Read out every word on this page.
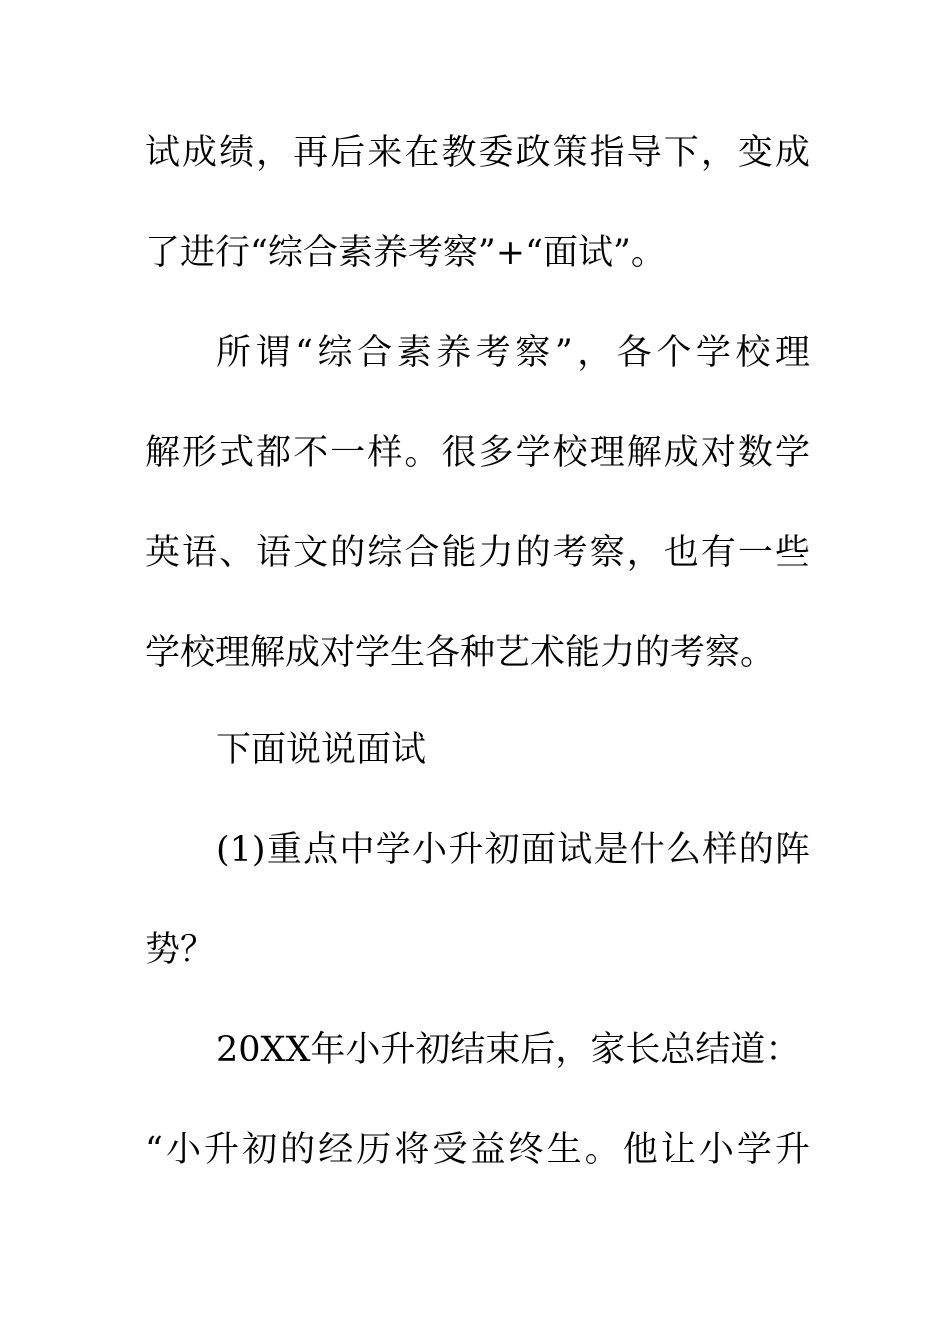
试成绩，再后来在教委政策指导下，变成
了进行“综合素养考察”+“面试”。
所谓“综合素养考察”，各个学校理
解形式都不一样。很多学校理解成对数学
英语、语文的综合能力的考察，也有一些
学校理解成对学生各种艺术能力的考察。
下面说说面试
(1)重点中学小升初面试是什么样的阵
势？
20XX年小升初结束后，家长总结道：
“小升初的经历将受益终生。他让小学升
